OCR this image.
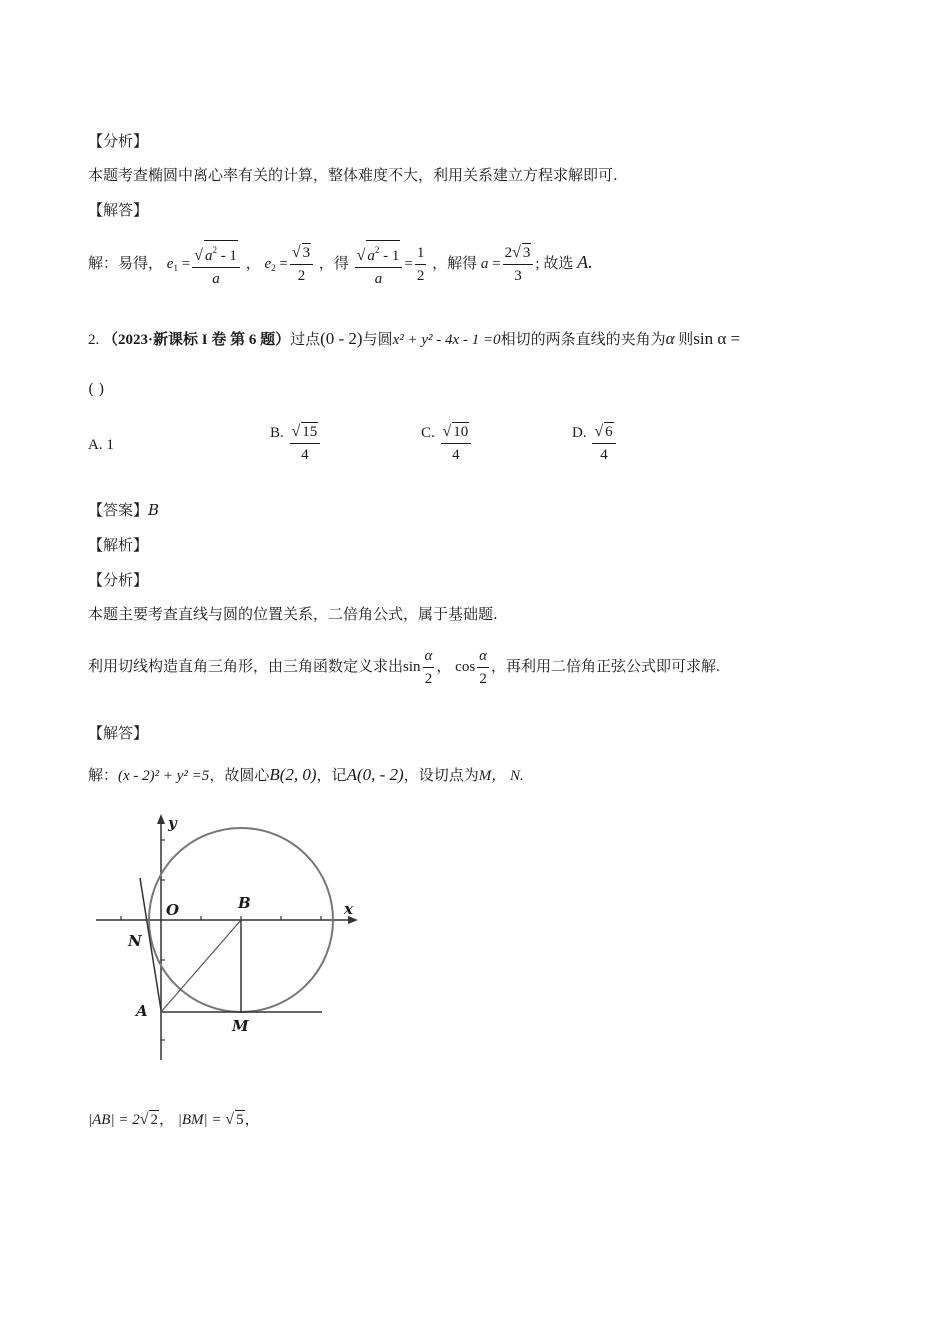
【分析】
本题考查椭圆中离心率有关的计算，整体难度不大，利用关系建立方程求解即可.
【解答】
解：易得， $e_1 = \frac{√ a^2 - 1}{a}$ ， $e_2 = \frac{√ 3}{2}$ ，得 $\frac{√ a^2 - 1}{a} = \frac{1}{2}$ ，解得 $a = \frac{2√ 3}{3}$ ; 故选 A.
2. （2023·新课标 I 卷 第 6 题）过点(0 - 2)与圆x² + y² - 4x - 1 =0相切的两条直线的夹角为α 则sin α =
( )
A. 1
B. $\frac{√ 15}{4}$	C. $\frac{√ 10}{4}$	D. $\frac{√ 6}{4}$
【答案】B
【解析】
【分析】
本题主要考查直线与圆的位置关系，二倍角公式，属于基础题.
利用切线构造直角三角形，由三角函数定义求出$\sin \frac{\alpha}{2}$ ， $\cos \frac{\alpha}{2}$ ，再利用二倍角正弦公式即可求解.
【解答】
解：(x - 2)² + y² =5，故圆心B(2, 0)，记A(0, - 2)，设切点为M， N.
y
x
O	B
N
A
M
|AB| = 2√ 2， |BM| = √ 5，
